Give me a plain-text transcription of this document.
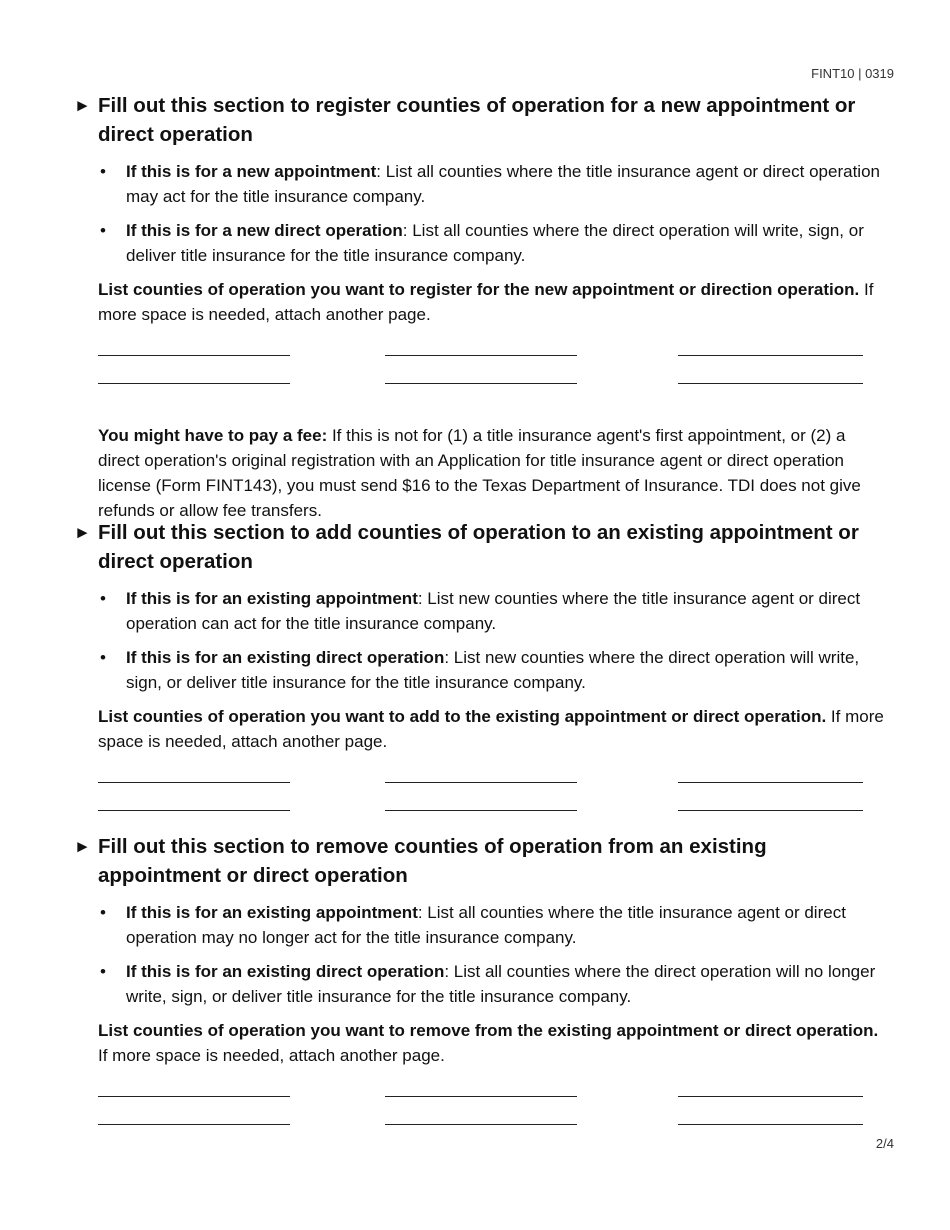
FINT10 | 0319
► Fill out this section to register counties of operation for a new appointment or direct operation
• If this is for a new appointment: List all counties where the title insurance agent or direct operation may act for the title insurance company.
• If this is for a new direct operation: List all counties where the direct operation will write, sign, or deliver title insurance for the title insurance company.
List counties of operation you want to register for the new appointment or direction operation. If more space is needed, attach another page.
You might have to pay a fee: If this is not for (1) a title insurance agent's first appointment, or (2) a direct operation's original registration with an Application for title insurance agent or direct operation license (Form FINT143), you must send $16 to the Texas Department of Insurance. TDI does not give refunds or allow fee transfers.
► Fill out this section to add counties of operation to an existing appointment or direct operation
• If this is for an existing appointment: List new counties where the title insurance agent or direct operation can act for the title insurance company.
• If this is for an existing direct operation: List new counties where the direct operation will write, sign, or deliver title insurance for the title insurance company.
List counties of operation you want to add to the existing appointment or direct operation. If more space is needed, attach another page.
► Fill out this section to remove counties of operation from an existing appointment or direct operation
• If this is for an existing appointment: List all counties where the title insurance agent or direct operation may no longer act for the title insurance company.
• If this is for an existing direct operation: List all counties where the direct operation will no longer write, sign, or deliver title insurance for the title insurance company.
List counties of operation you want to remove from the existing appointment or direct operation. If more space is needed, attach another page.
2/4
